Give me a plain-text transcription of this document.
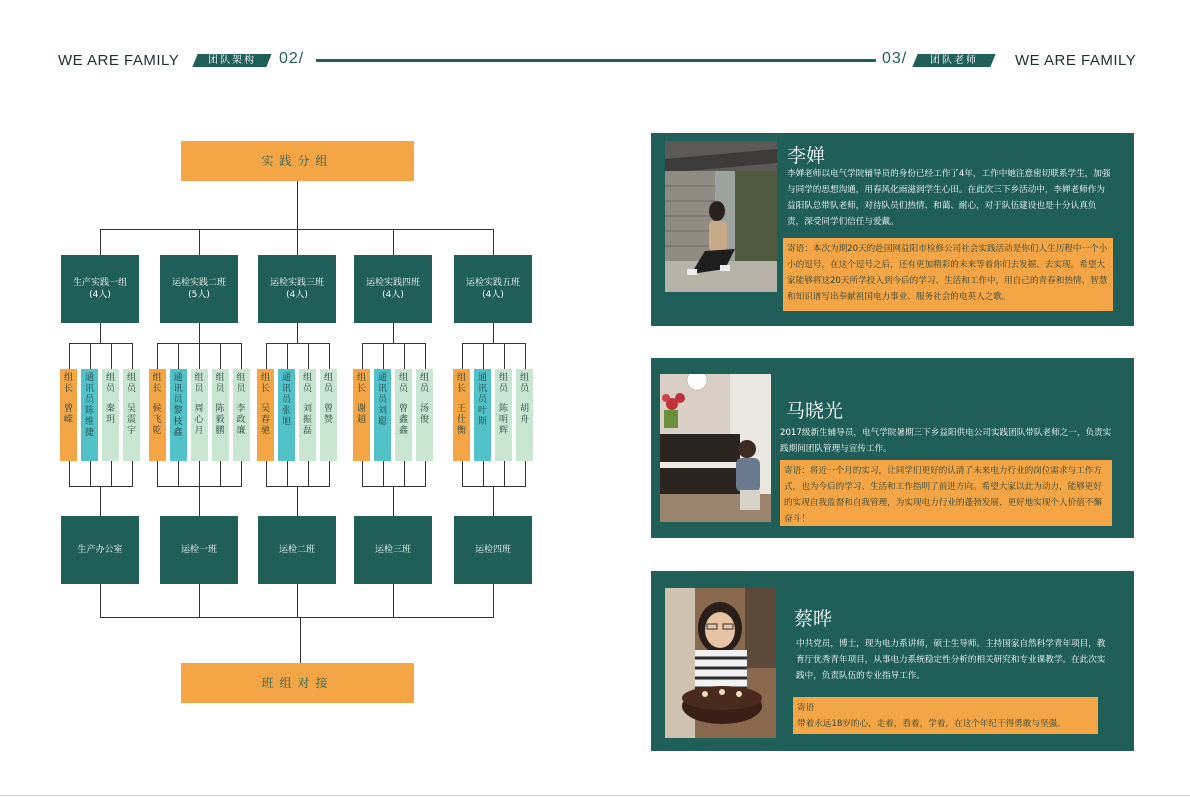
WE ARE FAMILY	团队架构	02/	03/	团队老师	WE ARE FAMILY
实践分组
班组对接
生产实践一组
(4人)
组
长
曾
嵘
通
讯
员
陈
维
捷
组
员
秦
玥
组
员
吴
震
宇
生产办公室
运检实践二班
(5人)
组
长
候
飞
乾
通
讯
员
黎
枝
鑫
组
员
周
心
月
组
员
陈
毅
鹏
组
员
李
政
廉
运检一班
运检实践三班
(4人)
组
长
吴
春
驰
通
讯
员
张
旭
组
员
刘
振
磊
组
员
曾
赞
运检二班
运检实践四班
(4人)
组
长
谢
超
通
讯
员
刘
聪
组
员
曾
鑫
鑫
组
员
汤
俊
运检三班
运检实践五班
(4人)
组
长
王
仕
衡
通
讯
员
叶
斯
组
员
陈
明
辉
组
员
胡
舟
运检四班
李婵
李婵老师以电气学院辅导员的身份已经工作了4年，工作中她注意密切联系学生，加强与同学的思想沟通，用春风化雨滋润学生心田。在此次三下乡活动中，李婵老师作为益阳队总带队老师，对待队员们热情、和蔼、耐心，对于队伍建设也是十分认真负责，深受同学们信任与爱戴。
寄语：本次为期20天的赴国网益阳市检修公司社会实践活动是你们人生历程中一个小小的逗号，在这个逗号之后，还有更加精彩的未来等着你们去发掘、去实现。希望大家能够将这20天所学投入到今后的学习、生活和工作中，用自己的青春和热情、智慧和知识谱写出奉献祖国电力事业、服务社会的电英人之歌。
马晓光
2017级新生辅导员，电气学院暑期三下乡益阳供电公司实践团队带队老师之一，负责实践期间团队管理与宣传工作。
寄语：将近一个月的实习，让同学们更好的认清了未来电力行业的岗位需求与工作方式，也为今后的学习、生活和工作指明了前进方向。希望大家以此为动力，能够更好的实现自我监督和自我管理，为实现电力行业的蓬勃发展、更好地实现个人价值不懈奋斗！
蔡晔
中共党员，博士，现为电力系讲师，硕士生导师。主持国家自然科学青年项目，教育厅优秀青年项目，从事电力系统稳定性分析的相关研究和专业课教学。在此次实践中，负责队伍的专业指导工作。
寄语
带着永远18岁的心，走着，看着，学着，在这个年纪干得勇敢与坚强。
